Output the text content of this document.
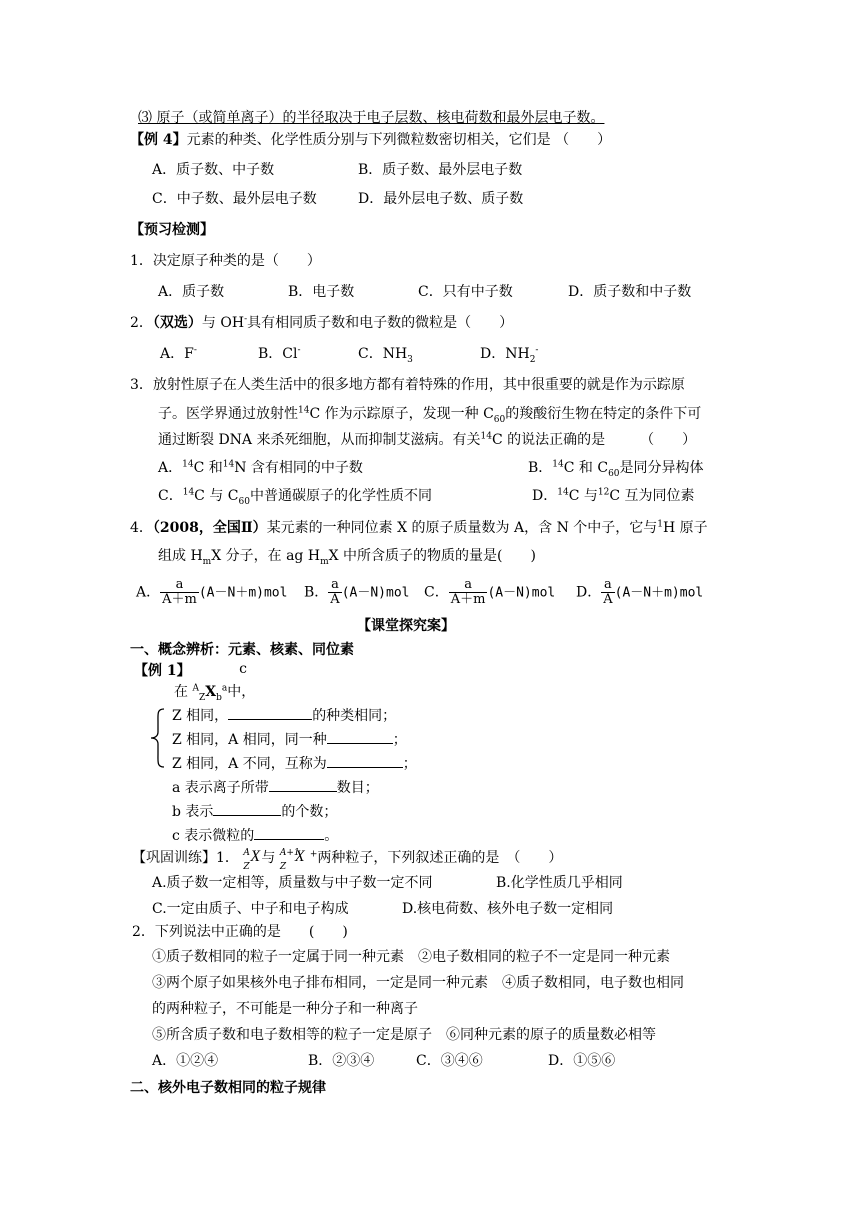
⑶ 原子（或简单离子）的半径取决于电子层数、核电荷数和最外层电子数。
【例 4】元素的种类、化学性质分别与下列微粒数密切相关，它们是 （　　）
A．质子数、中子数	B．质子数、最外层电子数
C．中子数、最外层电子数	D．最外层电子数、质子数
【预习检测】
1．决定原子种类的是（　　）
A．质子数	B．电子数	C．只有中子数	D．质子数和中子数
2．（双选）与 OH-具有相同质子数和电子数的微粒是（　　）
A．F-	B．Cl-	C．$NH_3$	D．$NH_2^-$
3．放射性原子在人类生活中的很多地方都有着特殊的作用，其中很重要的就是作为示踪原
子。医学界通过放射性$^{14}$C 作为示踪原子，发现一种 $C_{60}$的羧酸衍生物在特定的条件下可
通过断裂 DNA 来杀死细胞，从而抑制艾滋病。有关$^{14}$C 的说法正确的是　　　（　　）
A．$^{14}$C 和$^{14}$N 含有相同的中子数	B．$^{14}$C 和 $C_{60}$是同分异构体
C．$^{14}$C 与 $C_{60}$中普通碳原子的化学性质不同	D．$^{14}$C 与$^{12}$C 互为同位素
4．（2008，全国Ⅱ）某元素的一种同位素 X 的原子质量数为 A，含 N 个中子，它与$^1$H 原子
组成 $H_mX$ 分子，在 ag $H_mX$ 中所含质子的物质的量是(　　)
A． $\frac{a}{A+m} (A-N+m)mol$ B． $\frac{a}{A} (A-N)mol$ C． $\frac{a}{A+m} (A-N)mol$ D． $\frac{a}{A} (A-N+m)mol$
【课堂探究案】
一、概念辨析：元素、核素、同位素
【例 1】	c
在 $^A_ZX_b^a$中，
Z 相同，	的种类相同；
Z 相同，A 相同，同一种	；
Z 相同，A 不同，互称为	；
a 表示离子所带	数目；
b 表示	的个数；
c 表示微粒的	。
【巩固训练】1． A
Z
X 与 A+1
Z
X +两种粒子，下列叙述正确的是　（　　）
A.质子数一定相等，质量数与中子数一定不同	B.化学性质几乎相同
C.一定由质子、中子和电子构成	D.核电荷数、核外电子数一定相同
2．下列说法中正确的是　　(　　)
①质子数相同的粒子一定属于同一种元素　②电子数相同的粒子不一定是同一种元素
③两个原子如果核外电子排布相同，一定是同一种元素　④质子数相同，电子数也相同
的两种粒子，不可能是一种分子和一种离子
⑤所含质子数和电子数相等的粒子一定是原子　⑥同种元素的原子的质量数必相等
A．①②④	B．②③④	C．③④⑥	D．①⑤⑥
二、核外电子数相同的粒子规律
